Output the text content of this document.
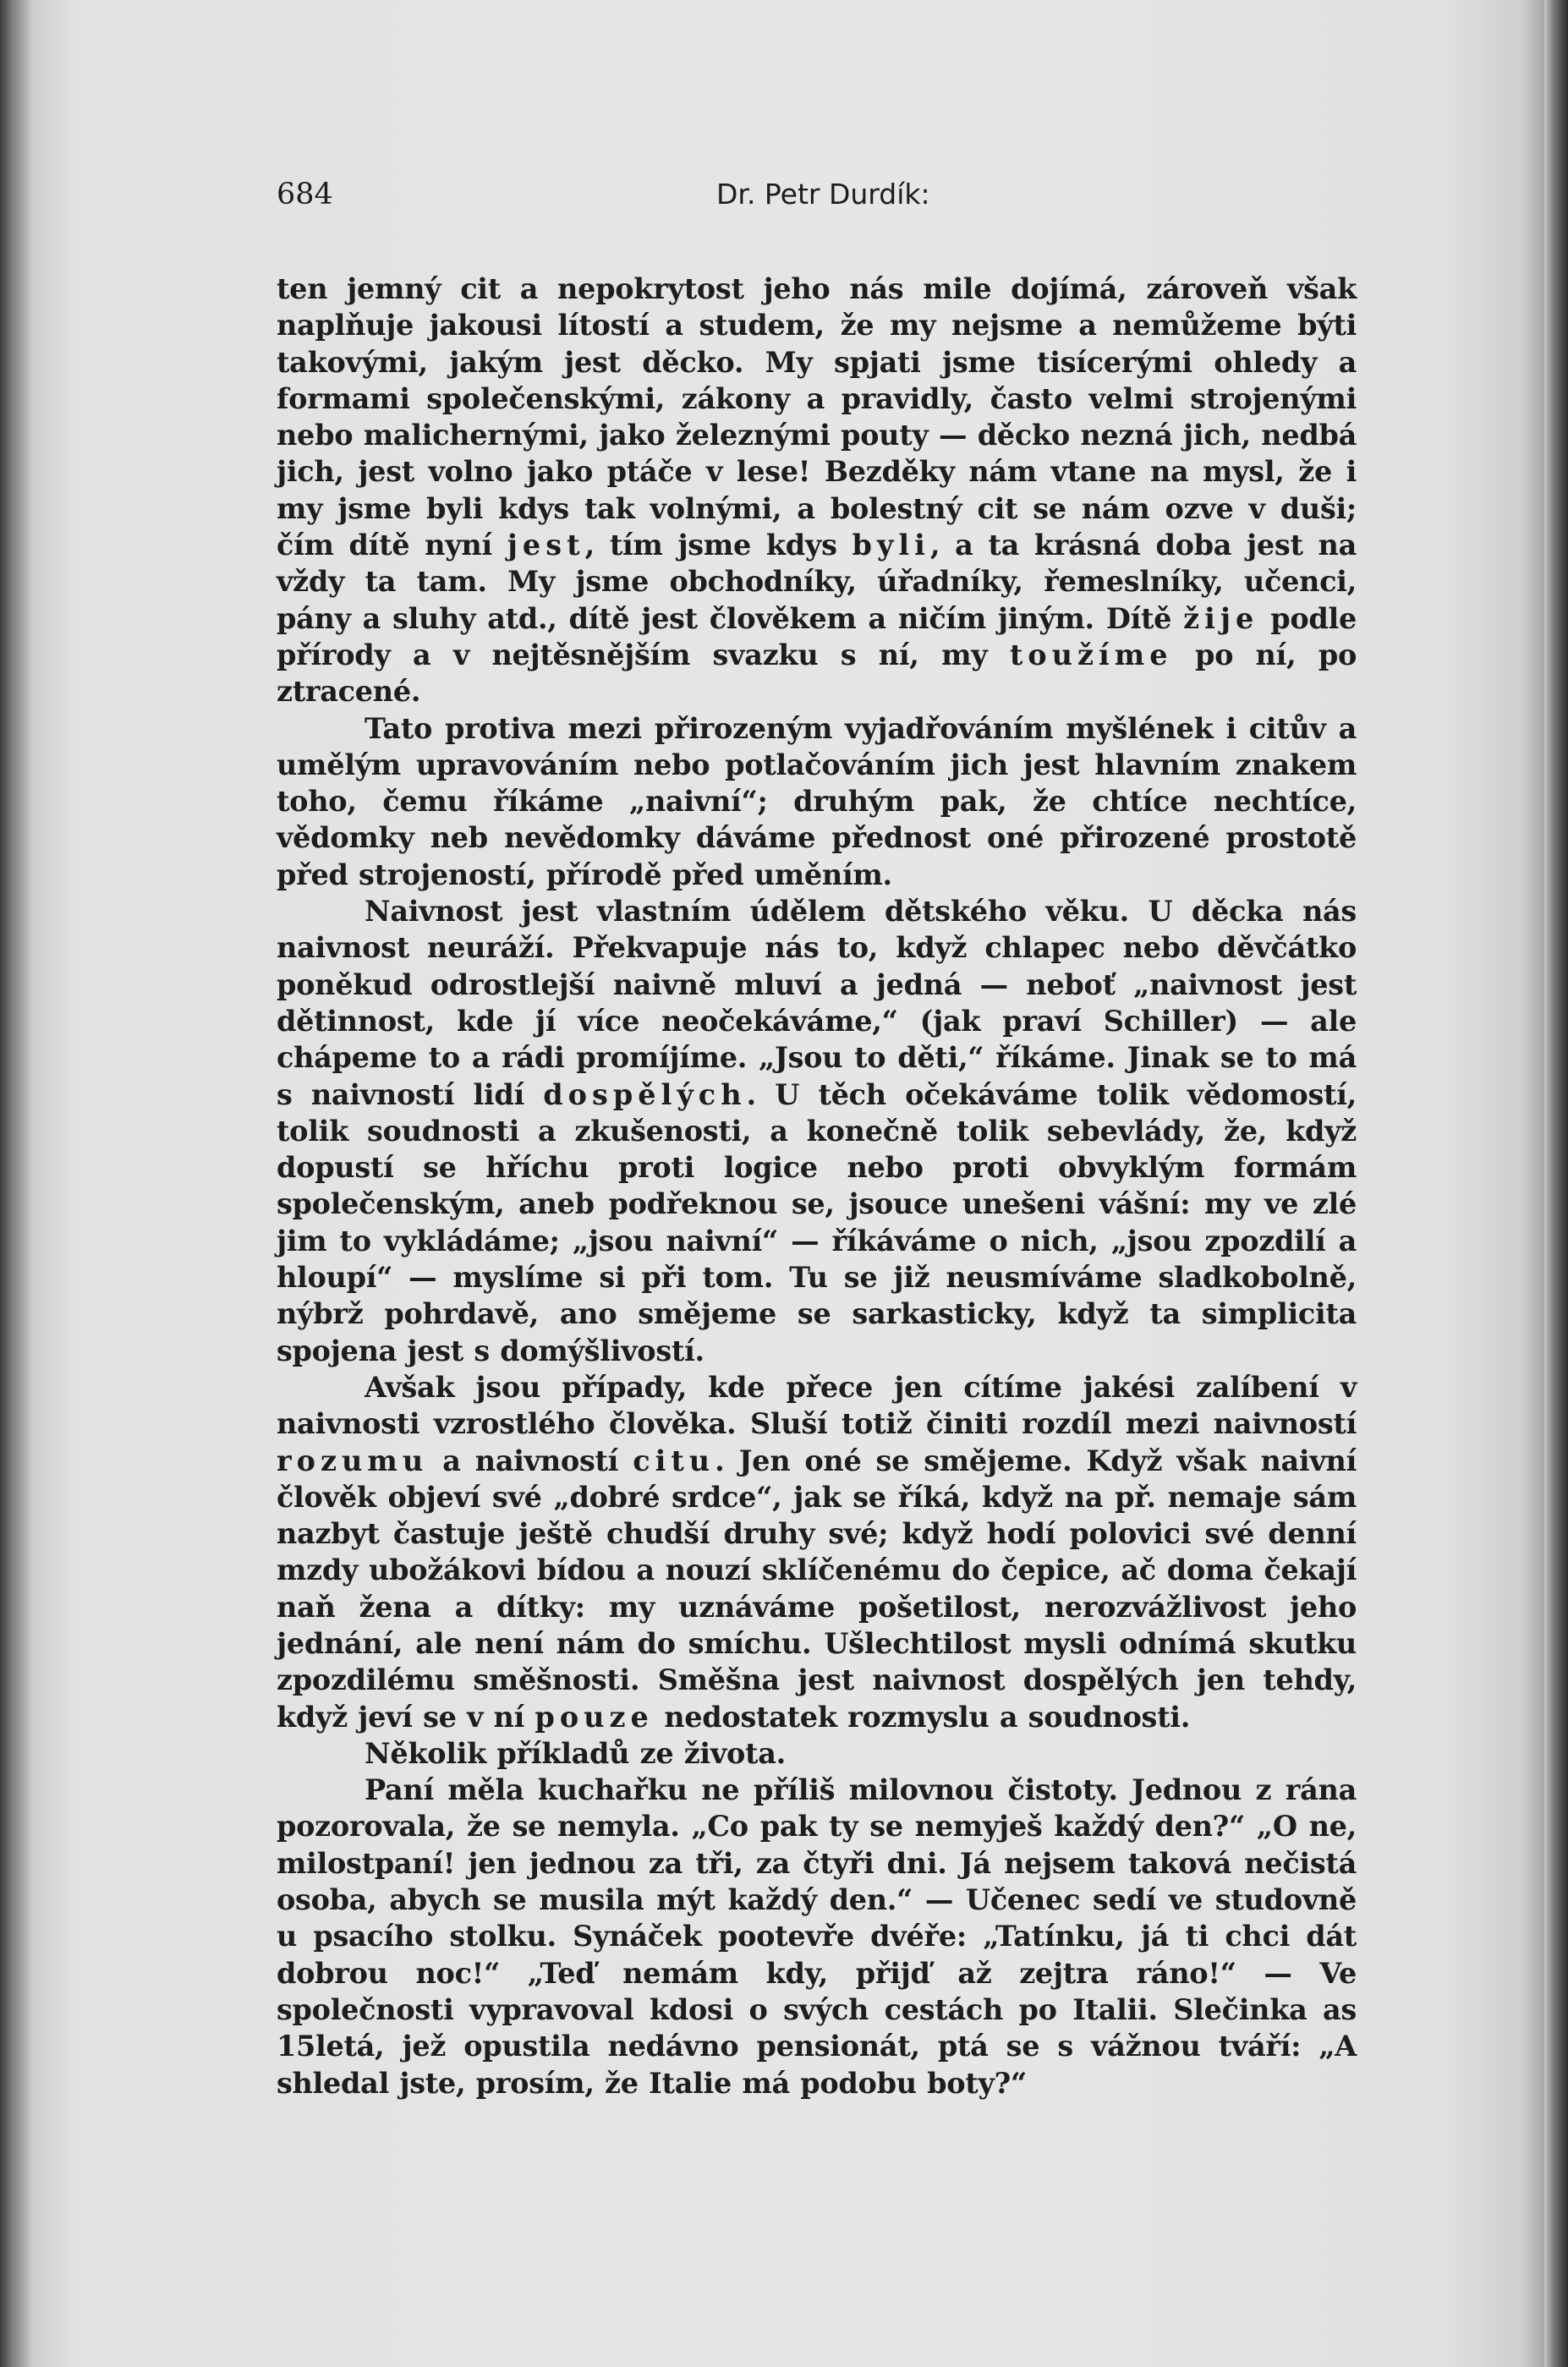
684	Dr. Petr Durdík:

ten jemný cit a nepokrytost jeho nás mile dojímá, zároveň však naplňuje jakousi lítostí a studem, že my nejsme a nemůžeme býti takovými, jakým jest děcko. My spjati jsme tisícerými ohledy a formami společenskými, zákony a pravidly, často velmi strojenými nebo malichernými, jako železnými pouty — děcko nezná jich, nedbá jich, jest volno jako ptáče v lese! Bezděky nám vtane na mysl, že i my jsme byli kdys tak volnými, a bolestný cit se nám ozve v duši; čím dítě nyní jest, tím jsme kdys byli, a ta krásná doba jest na vždy ta tam. My jsme obchodníky, úřadníky, řemeslníky, učenci, pány a sluhy atd., dítě jest člověkem a ničím jiným. Dítě žije podle přírody a v nejtěsnějším svazku s ní, my toužíme po ní, po ztracené.

Tato protiva mezi přirozeným vyjadřováním myšlének i citův a umělým upravováním nebo potlačováním jich jest hlavním znakem toho, čemu říkáme „naivní“; druhým pak, že chtíce nechtíce, vědomky neb nevědomky dáváme přednost oné přirozené prostotě před strojeností, přírodě před uměním.

Naivnost jest vlastním údělem dětského věku. U děcka nás naivnost neuráží. Překvapuje nás to, když chlapec nebo děvčátko poněkud odrostlejší naivně mluví a jedná — neboť „naivnost jest dětinnost, kde jí více neočekáváme,“ (jak praví Schiller) — ale chápeme to a rádi promíjíme. „Jsou to děti,“ říkáme. Jinak se to má s naivností lidí dospělých. U těch očekáváme tolik vědomostí, tolik soudnosti a zkušenosti, a konečně tolik sebevlády, že, když dopustí se hříchu proti logice nebo proti obvyklým formám společenským, aneb podřeknou se, jsouce unešeni vášní: my ve zlé jim to vykládáme; „jsou naivní“ — říkáváme o nich, „jsou zpozdilí a hloupí“ — myslíme si při tom. Tu se již neusmíváme sladkobolně, nýbrž pohrdavě, ano smějeme se sarkasticky, když ta simplicita spojena jest s domýšlivostí.

Avšak jsou případy, kde přece jen cítíme jakési zalíbení v naivnosti vzrostlého člověka. Sluší totiž činiti rozdíl mezi naivností rozumu a naivností citu. Jen oné se smějeme. Když však naivní člověk objeví své „dobré srdce“, jak se říká, když na př. nemaje sám nazbyt častuje ještě chudší druhy své; když hodí polovici své denní mzdy ubožákovi bídou a nouzí sklíčenému do čepice, ač doma čekají naň žena a dítky: my uznáváme pošetilost, nerozvážlivost jeho jednání, ale není nám do smíchu. Ušlechtilost mysli odnímá skutku zpozdilému směšnosti. Směšna jest naivnost dospělých jen tehdy, když jeví se v ní pouze nedostatek rozmyslu a soudnosti.

Několik příkladů ze života.

Paní měla kuchařku ne příliš milovnou čistoty. Jednou z rána pozorovala, že se nemyla. „Co pak ty se nemyješ každý den?“ „O ne, milostpaní! jen jednou za tři, za čtyři dni. Já nejsem taková nečistá osoba, abych se musila mýt každý den.“ — Učenec sedí ve studovně u psacího stolku. Synáček pootevře dvéře: „Tatínku, já ti chci dát dobrou noc!“ „Teď nemám kdy, přijď až zejtra ráno!“ — Ve společnosti vypravoval kdosi o svých cestách po Italii. Slečinka as 15letá, jež opustila nedávno pensionát, ptá se s vážnou tváří: „A shledal jste, prosím, že Italie má podobu boty?“
